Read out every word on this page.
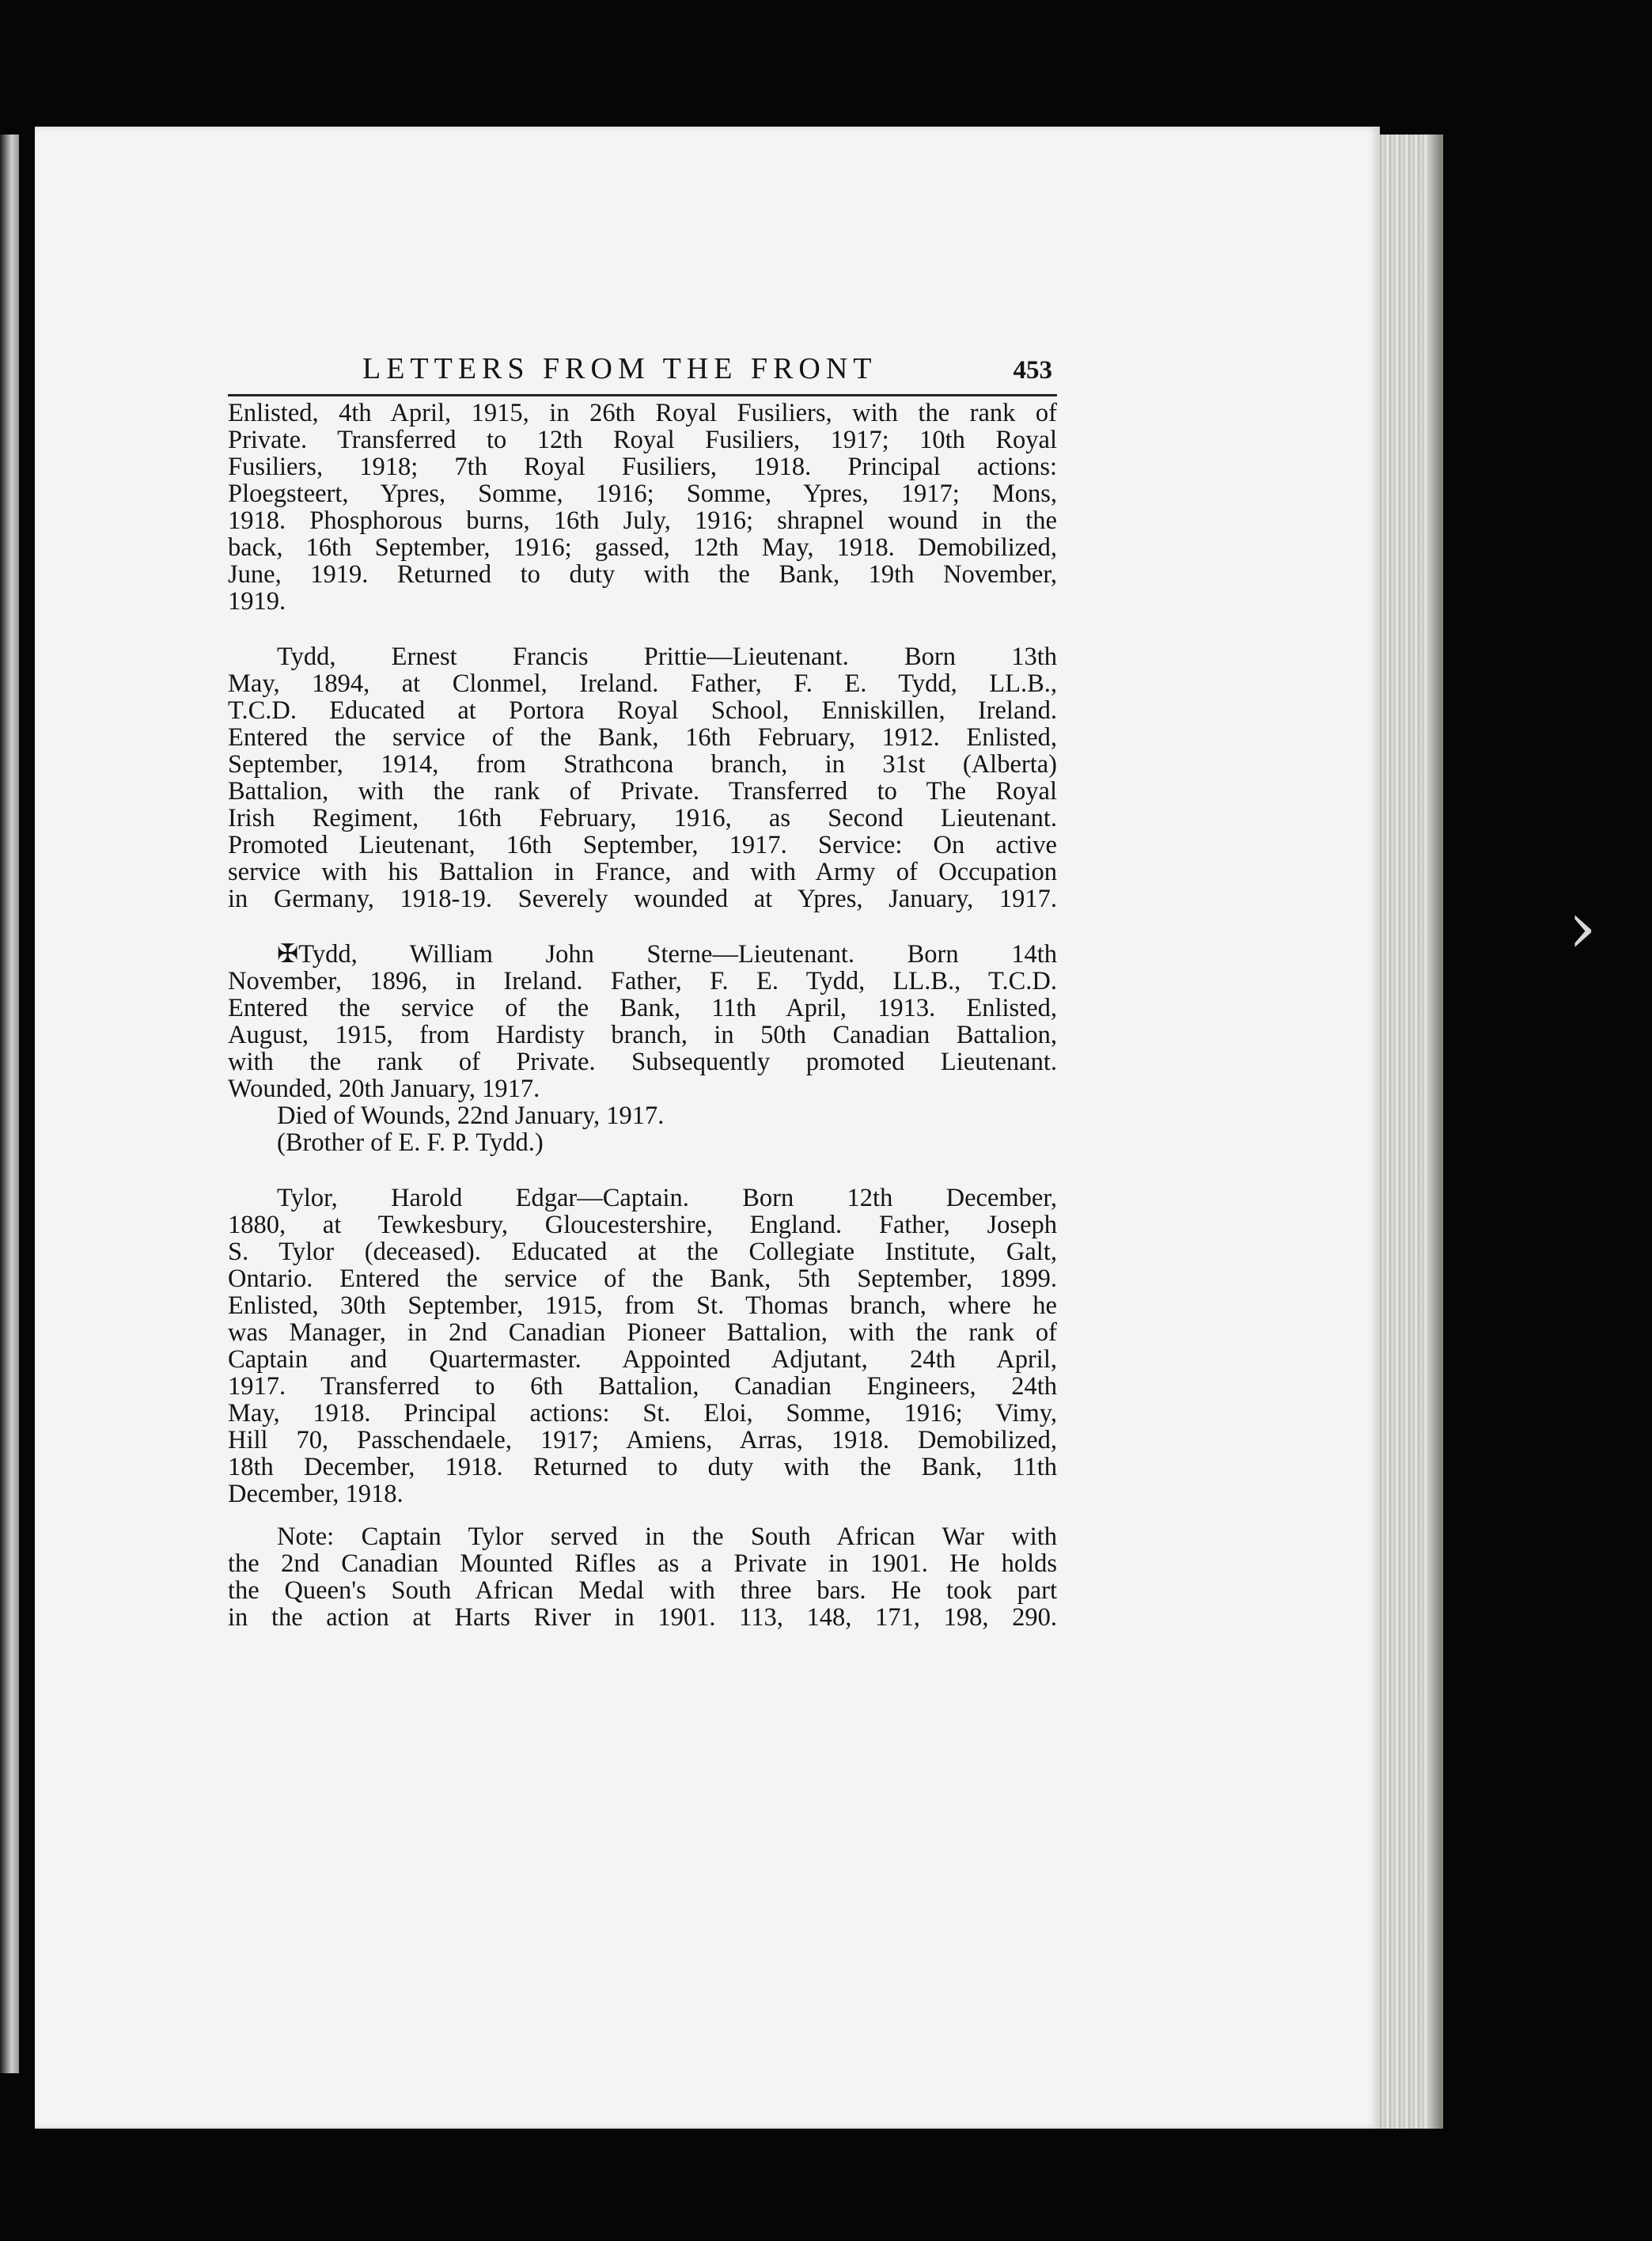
›
LETTERS FROM THE FRONT	453
Enlisted, 4th April, 1915, in 26th Royal Fusiliers, with the rank of
Private. Transferred to 12th Royal Fusiliers, 1917; 10th Royal
Fusiliers, 1918; 7th Royal Fusiliers, 1918. Principal actions:
Ploegsteert, Ypres, Somme, 1916; Somme, Ypres, 1917; Mons,
1918. Phosphorous burns, 16th July, 1916; shrapnel wound in the
back, 16th September, 1916; gassed, 12th May, 1918. Demobilized,
June, 1919. Returned to duty with the Bank, 19th November,
1919.
Tydd, Ernest Francis Prittie—Lieutenant. Born 13th
May, 1894, at Clonmel, Ireland. Father, F. E. Tydd, LL.B.,
T.C.D. Educated at Portora Royal School, Enniskillen, Ireland.
Entered the service of the Bank, 16th February, 1912. Enlisted,
September, 1914, from Strathcona branch, in 31st (Alberta)
Battalion, with the rank of Private. Transferred to The Royal
Irish Regiment, 16th February, 1916, as Second Lieutenant.
Promoted Lieutenant, 16th September, 1917. Service: On active
service with his Battalion in France, and with Army of Occupation
in Germany, 1918-19. Severely wounded at Ypres, January, 1917.
✠Tydd, William John Sterne—Lieutenant. Born 14th
November, 1896, in Ireland. Father, F. E. Tydd, LL.B., T.C.D.
Entered the service of the Bank, 11th April, 1913. Enlisted,
August, 1915, from Hardisty branch, in 50th Canadian Battalion,
with the rank of Private. Subsequently promoted Lieutenant.
Wounded, 20th January, 1917.
Died of Wounds, 22nd January, 1917.
(Brother of E. F. P. Tydd.)
Tylor, Harold Edgar—Captain. Born 12th December,
1880, at Tewkesbury, Gloucestershire, England. Father, Joseph
S. Tylor (deceased). Educated at the Collegiate Institute, Galt,
Ontario. Entered the service of the Bank, 5th September, 1899.
Enlisted, 30th September, 1915, from St. Thomas branch, where he
was Manager, in 2nd Canadian Pioneer Battalion, with the rank of
Captain and Quartermaster. Appointed Adjutant, 24th April,
1917. Transferred to 6th Battalion, Canadian Engineers, 24th
May, 1918. Principal actions: St. Eloi, Somme, 1916; Vimy,
Hill 70, Passchendaele, 1917; Amiens, Arras, 1918. Demobilized,
18th December, 1918. Returned to duty with the Bank, 11th
December, 1918.
Note: Captain Tylor served in the South African War with
the 2nd Canadian Mounted Rifles as a Private in 1901. He holds
the Queen's South African Medal with three bars. He took part
in the action at Harts River in 1901. 113, 148, 171, 198, 290.
